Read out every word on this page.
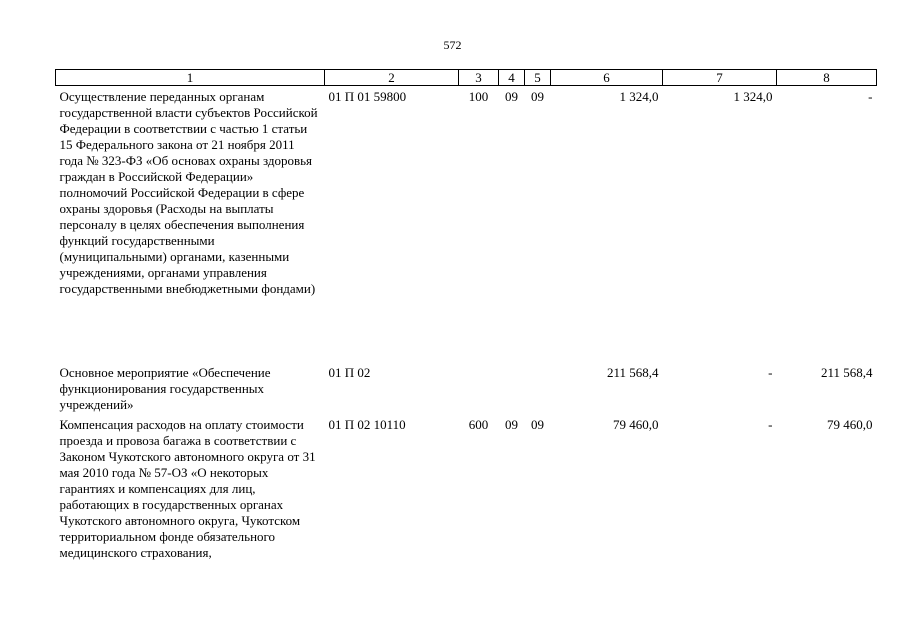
572
1	2	3	4	5	6	7	8
Осуществление переданных органам государственной власти субъектов Российской Федерации в соответствии с частью 1 статьи 15 Федерального закона от 21 ноября 2011 года № 323-ФЗ «Об основах охраны здоровья граждан в Российской Федерации» полномочий Российской Федерации в сфере охраны здоровья (Расходы на выплаты персоналу в целях обеспечения выполнения функций государственными (муниципальными) органами, казенными учреждениями, органами управления государственными внебюджетными фондами)	01 П 01 59800	100	09	09	1 324,0	1 324,0	-
Основное мероприятие «Обеспечение функционирования государственных учреждений»	01 П 02				211 568,4	-	211 568,4
Компенсация расходов на оплату стоимости проезда и провоза багажа в соответствии с Законом Чукотского автономного округа от 31 мая 2010 года № 57-ОЗ «О некоторых гарантиях и компенсациях для лиц, работающих в государственных органах Чукотского автономного округа, Чукотском территориальном фонде обязательного медицинского страхования,	01 П 02 10110	600	09	09	79 460,0	-	79 460,0
